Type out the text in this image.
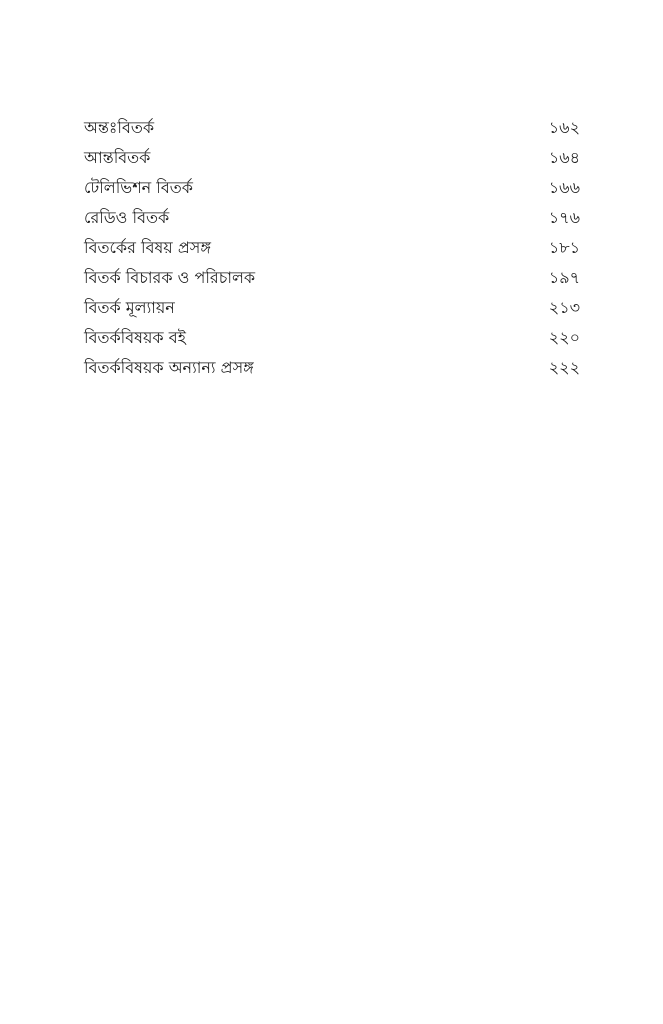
অন্তঃবিতর্ক	১৬২
আন্তবিতর্ক	১৬৪
টেলিভিশন বিতর্ক	১৬৬
রেডিও বিতর্ক	১৭৬
বিতর্কের বিষয় প্রসঙ্গ	১৮১
বিতর্ক বিচারক ও পরিচালক	১৯৭
বিতর্ক মূল্যায়ন	২১৩
বিতর্কবিষয়ক বই	২২০
বিতর্কবিষয়ক অন্যান্য প্রসঙ্গ	২২২
